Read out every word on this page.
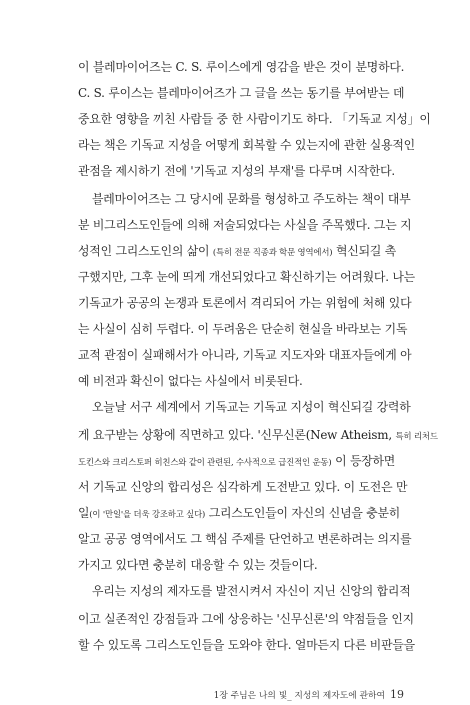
이 블레마이어즈는 C. S. 루이스에게 영감을 받은 것이 분명하다.
C. S. 루이스는 블레마이어즈가 그 글을 쓰는 동기를 부여받는 데
중요한 영향을 끼친 사람들 중 한 사람이기도 하다. 「기독교 지성」이
라는 책은 기독교 지성을 어떻게 회복할 수 있는지에 관한 실용적인
관점을 제시하기 전에 '기독교 지성의 부재'를 다루며 시작한다.
블레마이어즈는 그 당시에 문화를 형성하고 주도하는 책이 대부
분 비그리스도인들에 의해 저술되었다는 사실을 주목했다. 그는 지
성적인 그리스도인의 삶이 (특히 전문 직종과 학문 영역에서) 혁신되길 촉
구했지만, 그후 눈에 띄게 개선되었다고 확신하기는 어려웠다. 나는
기독교가 공공의 논쟁과 토론에서 격리되어 가는 위험에 처해 있다
는 사실이 심히 두렵다. 이 두려움은 단순히 현실을 바라보는 기독
교적 관점이 실패해서가 아니라, 기독교 지도자와 대표자들에게 아
예 비전과 확신이 없다는 사실에서 비롯된다.
오늘날 서구 세계에서 기독교는 기독교 지성이 혁신되길 강력하
게 요구받는 상황에 직면하고 있다. '신무신론(New Atheism, 특히 리처드
도킨스와 크리스토퍼 히친스와 같이 관련된, 수사적으로 급진적인 운동) 이 등장하면
서 기독교 신앙의 합리성은 심각하게 도전받고 있다. 이 도전은 만
일(이 '만일'을 더욱 강조하고 싶다) 그리스도인들이 자신의 신념을 충분히
알고 공공 영역에서도 그 핵심 주제를 단언하고 변론하려는 의지를
가지고 있다면 충분히 대응할 수 있는 것들이다.
우리는 지성의 제자도를 발전시켜서 자신이 지닌 신앙의 합리적
이고 실존적인 강점들과 그에 상응하는 '신무신론'의 약점들을 인지
할 수 있도록 그리스도인들을 도와야 한다. 얼마든지 다른 비판들을
1장 주님은 나의 빛_ 지성의 제자도에 관하여 19
